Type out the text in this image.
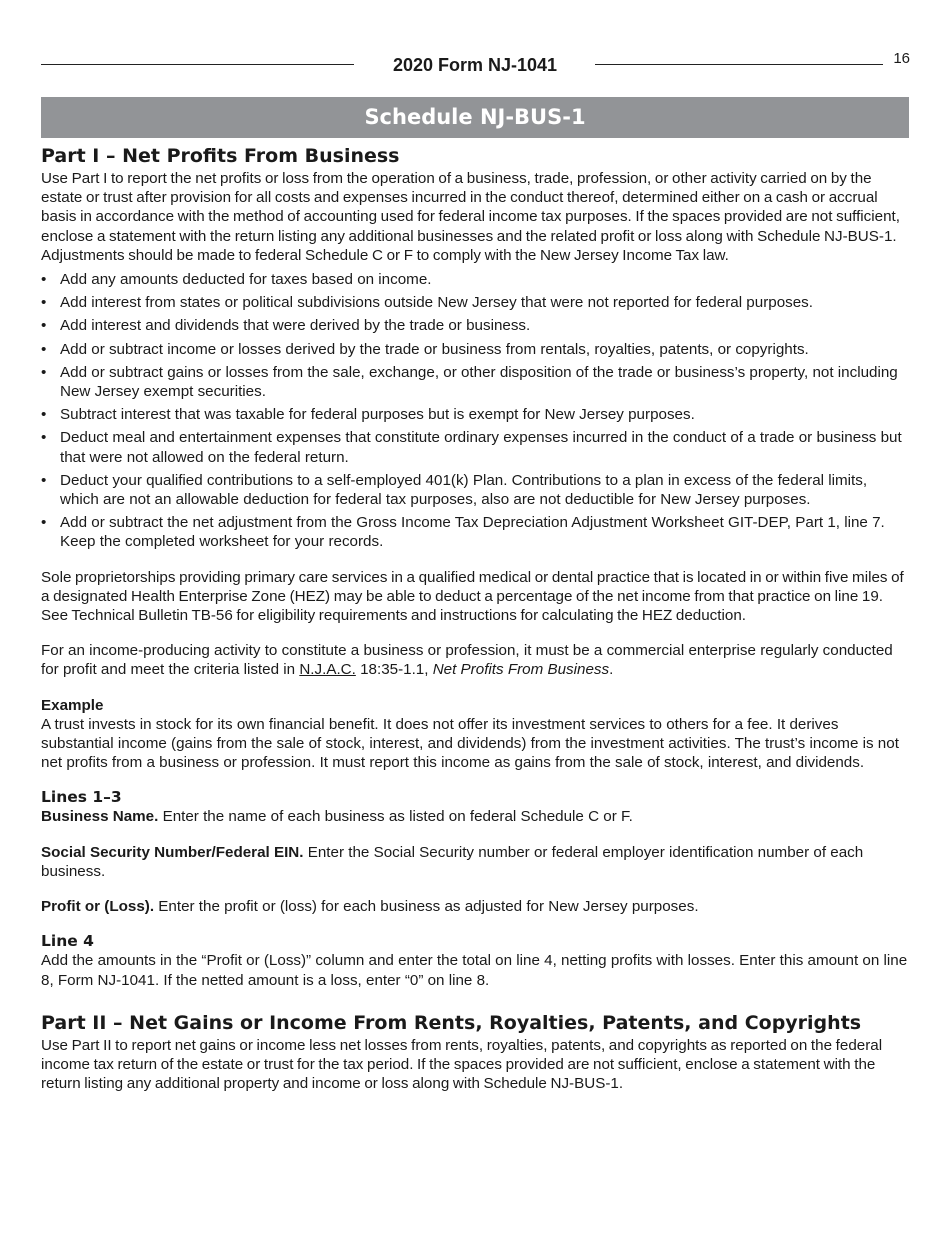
2020 Form NJ-1041	16
Schedule NJ-BUS-1
Part I – Net Profits From Business

Use Part I to report the net profits or loss from the operation of a business, trade, profession, or other activity carried on by the estate or trust after provision for all costs and expenses incurred in the conduct thereof, determined either on a cash or accrual basis in accordance with the method of accounting used for federal income tax purposes. If the spaces provided are not sufficient, enclose a statement with the return listing any additional businesses and the related profit or loss along with Schedule NJ-BUS-1. Adjustments should be made to federal Schedule C or F to comply with the New Jersey Income Tax law.

• Add any amounts deducted for taxes based on income.
• Add interest from states or political subdivisions outside New Jersey that were not reported for federal purposes.
• Add interest and dividends that were derived by the trade or business.
• Add or subtract income or losses derived by the trade or business from rentals, royalties, patents, or copyrights.
• Add or subtract gains or losses from the sale, exchange, or other disposition of the trade or business’s property, not including New Jersey exempt securities.
• Subtract interest that was taxable for federal purposes but is exempt for New Jersey purposes.
• Deduct meal and entertainment expenses that constitute ordinary expenses incurred in the conduct of a trade or business but that were not allowed on the federal return.
• Deduct your qualified contributions to a self-employed 401(k) Plan. Contributions to a plan in excess of the federal limits, which are not an allowable deduction for federal tax purposes, also are not deductible for New Jersey purposes.
• Add or subtract the net adjustment from the Gross Income Tax Depreciation Adjustment Worksheet GIT-DEP, Part 1, line 7. Keep the completed worksheet for your records.

Sole proprietorships providing primary care services in a qualified medical or dental practice that is located in or within five miles of a designated Health Enterprise Zone (HEZ) may be able to deduct a percentage of the net income from that practice on line 19. See Technical Bulletin TB-56 for eligibility requirements and instructions for calculating the HEZ deduction.

For an income-producing activity to constitute a business or profession, it must be a commercial enterprise regularly conducted for profit and meet the criteria listed in N.J.A.C. 18:35-1.1, Net Profits From Business.

Example

A trust invests in stock for its own financial benefit. It does not offer its investment services to others for a fee. It derives substantial income (gains from the sale of stock, interest, and dividends) from the investment activities. The trust’s income is not net profits from a business or profession. It must report this income as gains from the sale of stock, interest, and dividends.

Lines 1–3

Business Name. Enter the name of each business as listed on federal Schedule C or F.

Social Security Number/Federal EIN. Enter the Social Security number or federal employer identification number of each business.

Profit or (Loss). Enter the profit or (loss) for each business as adjusted for New Jersey purposes.

Line 4

Add the amounts in the “Profit or (Loss)” column and enter the total on line 4, netting profits with losses. Enter this amount on line 8, Form NJ-1041. If the netted amount is a loss, enter “0” on line 8.

Part II – Net Gains or Income From Rents, Royalties, Patents, and Copyrights

Use Part II to report net gains or income less net losses from rents, royalties, patents, and copyrights as reported on the federal income tax return of the estate or trust for the tax period. If the spaces provided are not sufficient, enclose a statement with the return listing any additional property and income or loss along with Schedule NJ-BUS-1.
